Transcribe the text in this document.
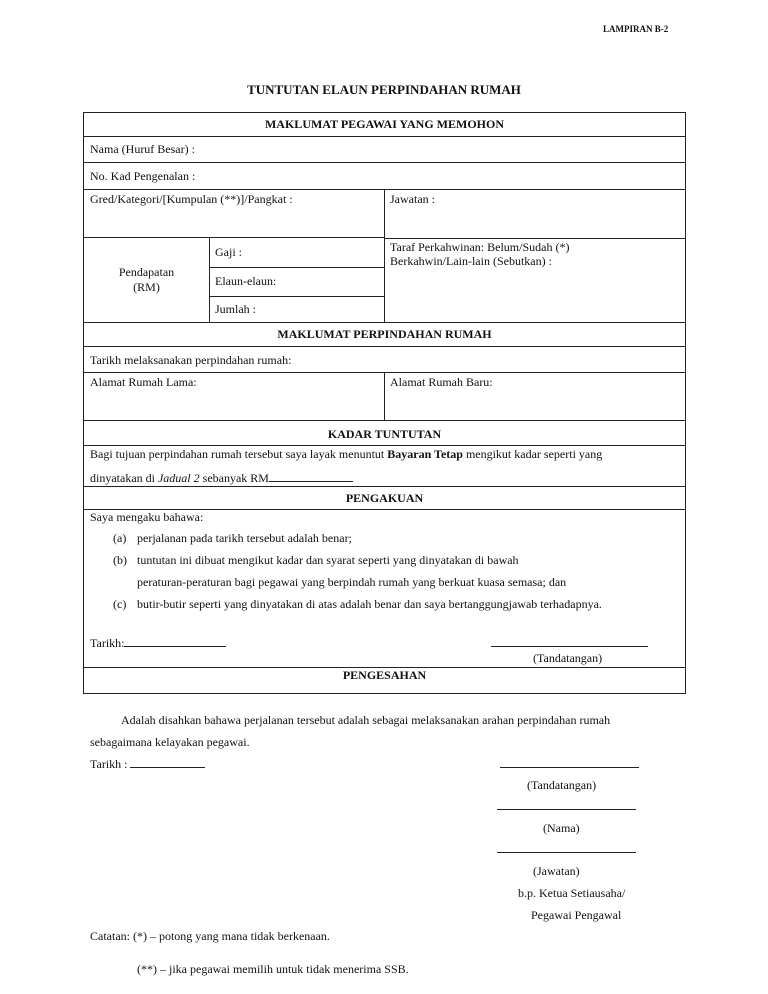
LAMPIRAN B-2
TUNTUTAN ELAUN PERPINDAHAN RUMAH
MAKLUMAT PEGAWAI YANG MEMOHON
Nama (Huruf Besar) :
No. Kad Pengenalan :
Gred/Kategori/[Kumpulan (**)]/Pangkat :	Jawatan :
Pendapatan
(RM)
Gaji :
Elaun-elaun:
Jumlah :
Taraf Perkahwinan: Belum/Sudah (*)
Berkahwin/Lain-lain (Sebutkan) :
MAKLUMAT PERPINDAHAN RUMAH
Tarikh melaksanakan perpindahan rumah:
Alamat Rumah Lama:	Alamat Rumah Baru:
KADAR TUNTUTAN
Bagi tujuan perpindahan rumah tersebut saya layak menuntut Bayaran Tetap mengikut kadar seperti yang
dinyatakan di Jadual 2 sebanyak RM
PENGAKUAN
Saya mengaku bahawa:
(a) perjalanan pada tarikh tersebut adalah benar;
(b) tuntutan ini dibuat mengikut kadar dan syarat seperti yang dinyatakan di bawah
peraturan-peraturan bagi pegawai yang berpindah rumah yang berkuat kuasa semasa; dan
(c) butir-butir seperti yang dinyatakan di atas adalah benar dan saya bertanggungjawab terhadapnya.
Tarikh:
(Tandatangan)
PENGESAHAN
Adalah disahkan bahawa perjalanan tersebut adalah sebagai melaksanakan arahan perpindahan rumah
sebagaimana kelayakan pegawai.
Tarikh :
(Tandatangan)
(Nama)
(Jawatan)
b.p. Ketua Setiausaha/
Pegawai Pengawal
Catatan: (*) – potong yang mana tidak berkenaan.
(**) – jika pegawai memilih untuk tidak menerima SSB.
